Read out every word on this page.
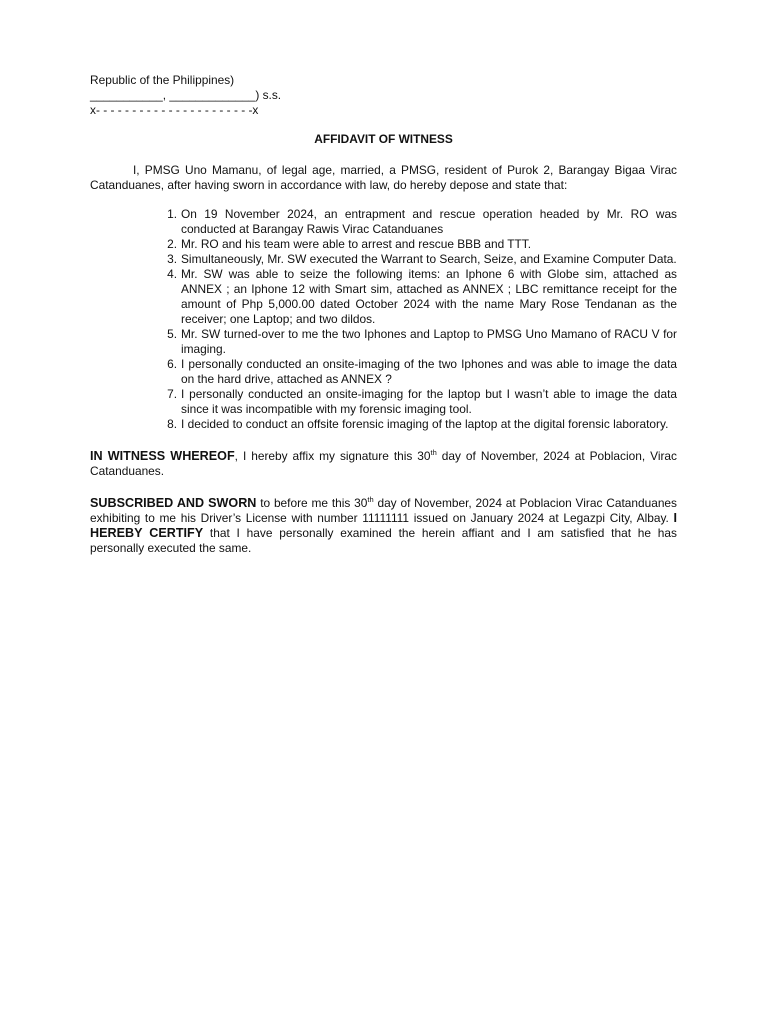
Republic of the Philippines)
___________, _____________) s.s.
x- - - - - - - - - - - - - - - - - - - - - -x
AFFIDAVIT OF WITNESS
I, PMSG Uno Mamanu, of legal age, married, a PMSG, resident of Purok 2, Barangay Bigaa Virac Catanduanes, after having sworn in accordance with law, do hereby depose and state that:
1. On 19 November 2024, an entrapment and rescue operation headed by Mr. RO was conducted at Barangay Rawis Virac Catanduanes
2. Mr. RO and his team were able to arrest and rescue BBB and TTT.
3. Simultaneously, Mr. SW executed the Warrant to Search, Seize, and Examine Computer Data.
4. Mr. SW was able to seize the following items: an Iphone 6 with Globe sim, attached as ANNEX ; an Iphone 12 with Smart sim, attached as ANNEX ; LBC remittance receipt for the amount of Php 5,000.00 dated October 2024 with the name Mary Rose Tendanan as the receiver; one Laptop; and two dildos.
5. Mr. SW turned-over to me the two Iphones and Laptop to PMSG Uno Mamano of RACU V for imaging.
6. I personally conducted an onsite-imaging of the two Iphones and was able to image the data on the hard drive, attached as ANNEX ?
7. I personally conducted an onsite-imaging for the laptop but I wasn’t able to image the data since it was incompatible with my forensic imaging tool.
8. I decided to conduct an offsite forensic imaging of the laptop at the digital forensic laboratory.
IN WITNESS WHEREOF, I hereby affix my signature this 30th day of November, 2024 at Poblacion, Virac Catanduanes.
SUBSCRIBED AND SWORN to before me this 30th day of November, 2024 at Poblacion Virac Catanduanes exhibiting to me his Driver’s License with number 11111111 issued on January 2024 at Legazpi City, Albay. I HEREBY CERTIFY that I have personally examined the herein affiant and I am satisfied that he has personally executed the same.
